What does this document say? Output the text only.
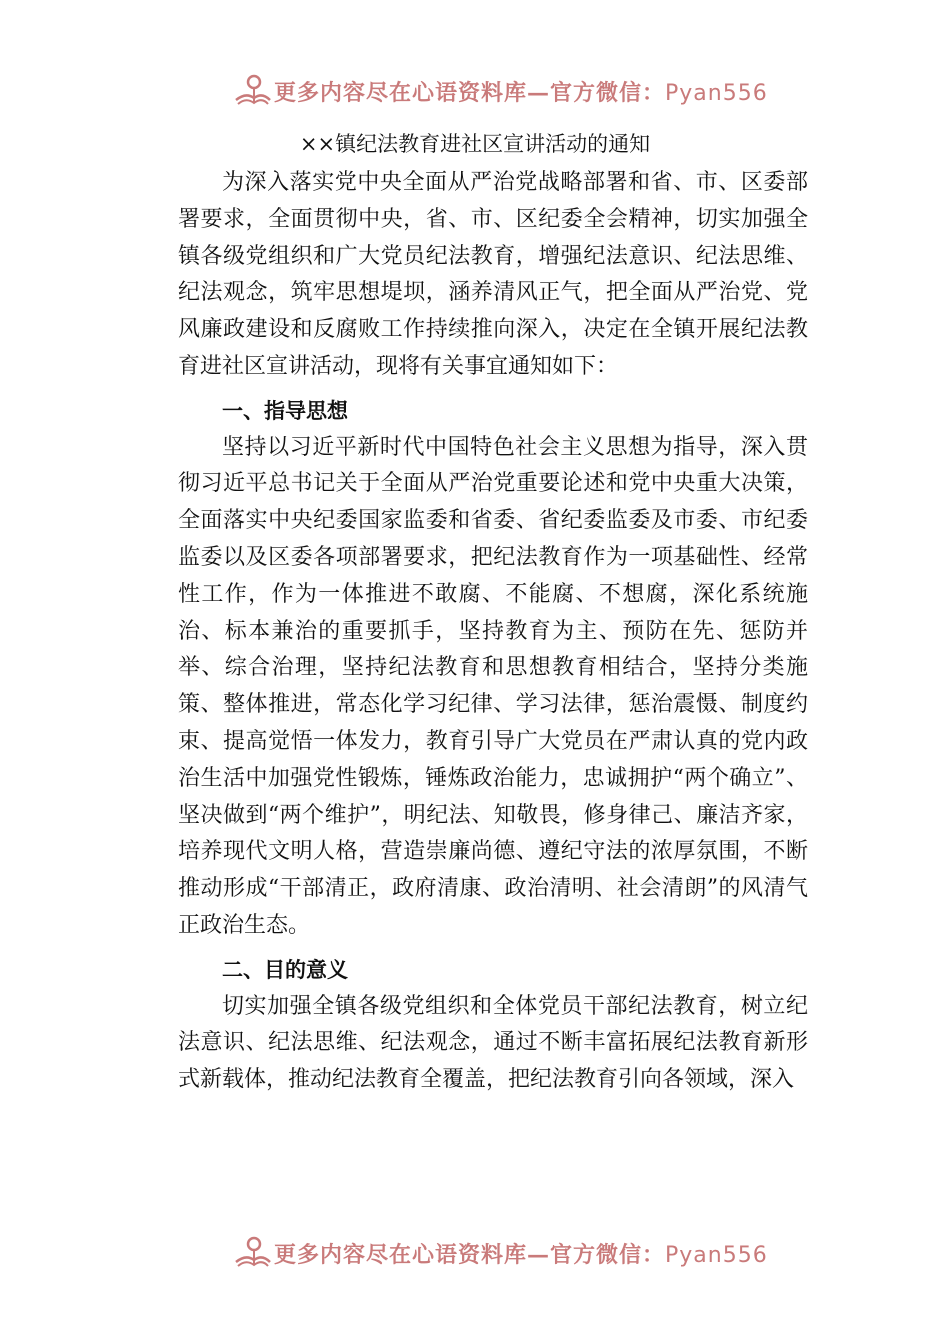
更多内容尽在心语资料库—官方微信：Pyan556
××镇纪法教育进社区宣讲活动的通知

为深入落实党中央全面从严治党战略部署和省、市、区委部署要求，全面贯彻中央，省、市、区纪委全会精神，切实加强全镇各级党组织和广大党员纪法教育，增强纪法意识、纪法思维、纪法观念，筑牢思想堤坝，涵养清风正气，把全面从严治党、党风廉政建设和反腐败工作持续推向深入，决定在全镇开展纪法教育进社区宣讲活动，现将有关事宜通知如下：

一、指导思想

坚持以习近平新时代中国特色社会主义思想为指导，深入贯彻习近平总书记关于全面从严治党重要论述和党中央重大决策，全面落实中央纪委国家监委和省委、省纪委监委及市委、市纪委监委以及区委各项部署要求，把纪法教育作为一项基础性、经常性工作，作为一体推进不敢腐、不能腐、不想腐，深化系统施治、标本兼治的重要抓手，坚持教育为主、预防在先、惩防并举、综合治理，坚持纪法教育和思想教育相结合，坚持分类施策、整体推进，常态化学习纪律、学习法律，惩治震慑、制度约束、提高觉悟一体发力，教育引导广大党员在严肃认真的党内政治生活中加强党性锻炼，锤炼政治能力，忠诚拥护“两个确立”、坚决做到“两个维护”，明纪法、知敬畏，修身律己、廉洁齐家，培养现代文明人格，营造崇廉尚德、遵纪守法的浓厚氛围，不断推动形成“干部清正，政府清康、政治清明、社会清朗”的风清气正政治生态。

二、目的意义

切实加强全镇各级党组织和全体党员干部纪法教育，树立纪法意识、纪法思维、纪法观念，通过不断丰富拓展纪法教育新形式新载体，推动纪法教育全覆盖，把纪法教育引向各领域，深入

更多内容尽在心语资料库—官方微信：Pyan556
